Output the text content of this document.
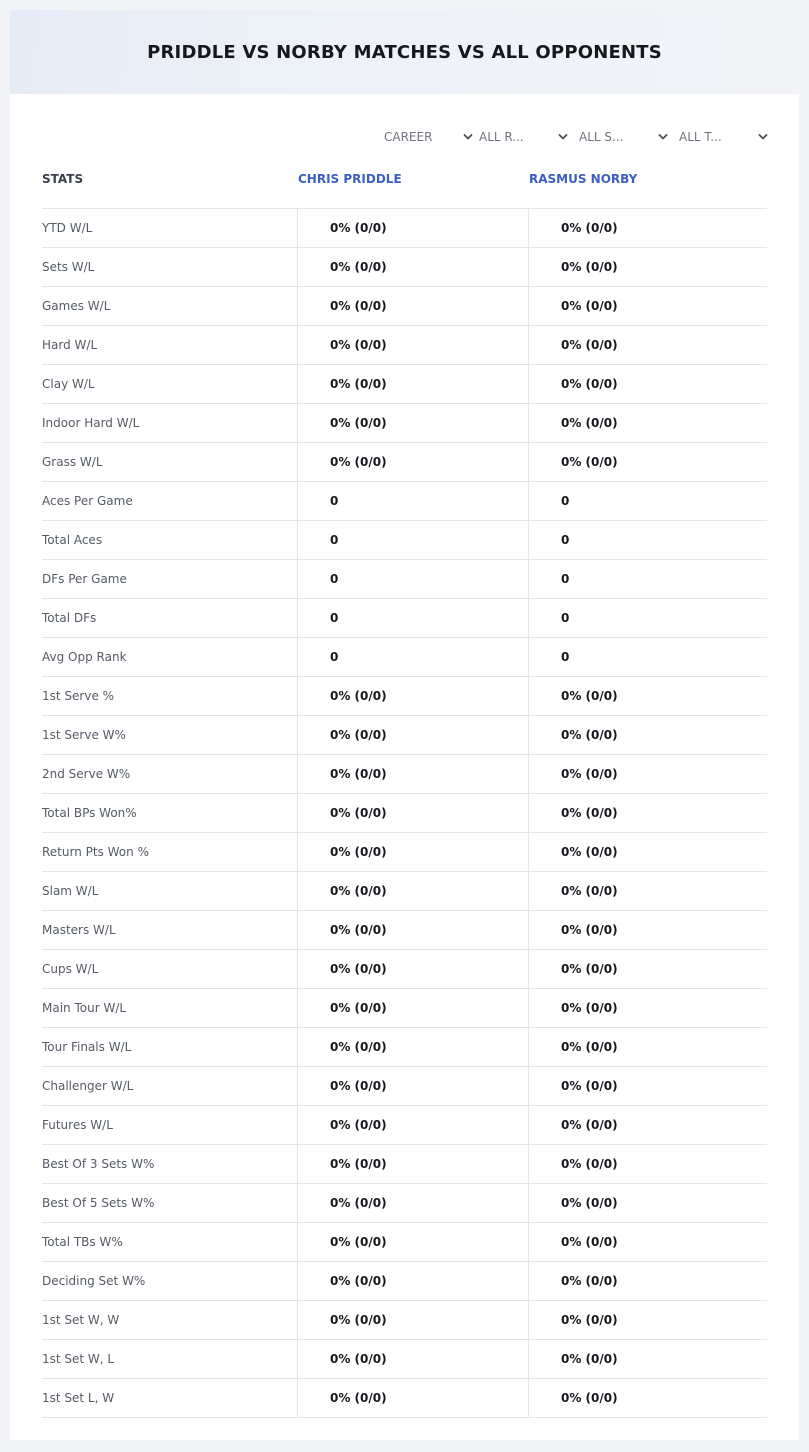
PRIDDLE VS NORBY MATCHES VS ALL OPPONENTS
CAREER	ALL R...	ALL S...	ALL T...
STATS	CHRIS PRIDDLE	RASMUS NORBY
YTD W/L	0% (0/0)	0% (0/0)
Sets W/L	0% (0/0)	0% (0/0)
Games W/L	0% (0/0)	0% (0/0)
Hard W/L	0% (0/0)	0% (0/0)
Clay W/L	0% (0/0)	0% (0/0)
Indoor Hard W/L	0% (0/0)	0% (0/0)
Grass W/L	0% (0/0)	0% (0/0)
Aces Per Game	0	0
Total Aces	0	0
DFs Per Game	0	0
Total DFs	0	0
Avg Opp Rank	0	0
1st Serve %	0% (0/0)	0% (0/0)
1st Serve W%	0% (0/0)	0% (0/0)
2nd Serve W%	0% (0/0)	0% (0/0)
Total BPs Won%	0% (0/0)	0% (0/0)
Return Pts Won %	0% (0/0)	0% (0/0)
Slam W/L	0% (0/0)	0% (0/0)
Masters W/L	0% (0/0)	0% (0/0)
Cups W/L	0% (0/0)	0% (0/0)
Main Tour W/L	0% (0/0)	0% (0/0)
Tour Finals W/L	0% (0/0)	0% (0/0)
Challenger W/L	0% (0/0)	0% (0/0)
Futures W/L	0% (0/0)	0% (0/0)
Best Of 3 Sets W%	0% (0/0)	0% (0/0)
Best Of 5 Sets W%	0% (0/0)	0% (0/0)
Total TBs W%	0% (0/0)	0% (0/0)
Deciding Set W%	0% (0/0)	0% (0/0)
1st Set W, W	0% (0/0)	0% (0/0)
1st Set W, L	0% (0/0)	0% (0/0)
1st Set L, W	0% (0/0)	0% (0/0)
